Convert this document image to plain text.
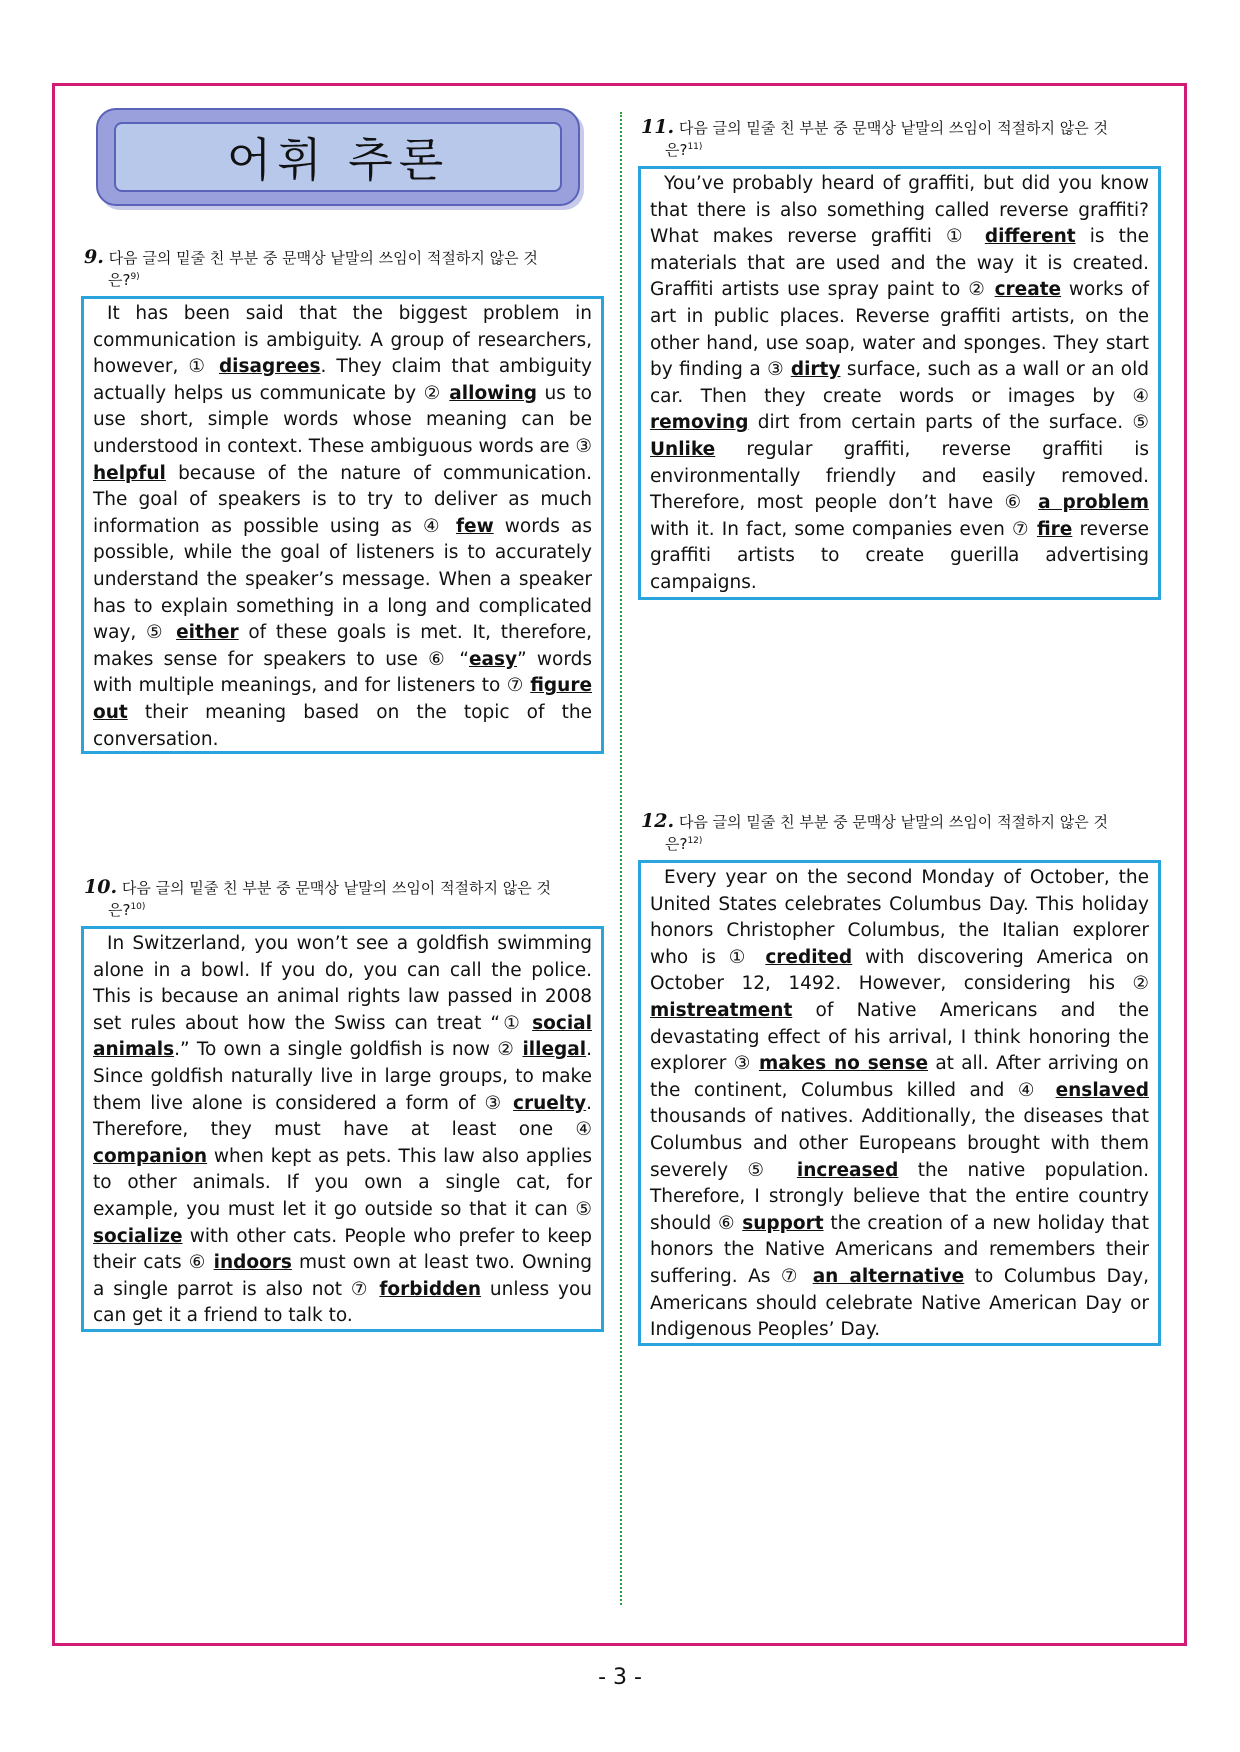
어휘 추론
9. 다음 글의 밑줄 친 부분 중 문맥상 낱말의 쓰임이 적절하지 않은 것
은?$^{9)}$

It has been said that the biggest problem in communication is ambiguity. A group of researchers, however, ① disagrees. They claim that ambiguity actually helps us communicate by ② allowing us to use short, simple words whose meaning can be understood in context. These ambiguous words are ③ helpful because of the nature of communication. The goal of speakers is to try to deliver as much information as possible using as ④ few words as possible, while the goal of listeners is to accurately understand the speaker’s message. When a speaker has to explain something in a long and complicated way, ⑤ either of these goals is met. It, therefore, makes sense for speakers to use ⑥ “easy” words with multiple meanings, and for listeners to ⑦ figure out their meaning based on the topic of the conversation.

10. 다음 글의 밑줄 친 부분 중 문맥상 낱말의 쓰임이 적절하지 않은 것
은?$^{10)}$

In Switzerland, you won’t see a goldfish swimming alone in a bowl. If you do, you can call the police. This is because an animal rights law passed in 2008 set rules about how the Swiss can treat “① social animals.” To own a single goldfish is now ② illegal. Since goldfish naturally live in large groups, to make them live alone is considered a form of ③ cruelty. Therefore, they must have at least one ④ companion when kept as pets. This law also applies to other animals. If you own a single cat, for example, you must let it go outside so that it can ⑤ socialize with other cats. People who prefer to keep their cats ⑥ indoors must own at least two. Owning a single parrot is also not ⑦ forbidden unless you can get it a friend to talk to.

11. 다음 글의 밑줄 친 부분 중 문맥상 낱말의 쓰임이 적절하지 않은 것
은?$^{11)}$

You’ve probably heard of graffiti, but did you know that there is also something called reverse graffiti? What makes reverse graffiti ① different is the materials that are used and the way it is created. Graffiti artists use spray paint to ② create works of art in public places. Reverse graffiti artists, on the other hand, use soap, water and sponges. They start by finding a ③ dirty surface, such as a wall or an old car. Then they create words or images by ④ removing dirt from certain parts of the surface. ⑤ Unlike regular graffiti, reverse graffiti is environmentally friendly and easily removed. Therefore, most people don’t have ⑥ a problem with it. In fact, some companies even ⑦ fire reverse graffiti artists to create guerilla advertising campaigns.

12. 다음 글의 밑줄 친 부분 중 문맥상 낱말의 쓰임이 적절하지 않은 것
은?$^{12)}$

Every year on the second Monday of October, the United States celebrates Columbus Day. This holiday honors Christopher Columbus, the Italian explorer who is ① credited with discovering America on October 12, 1492. However, considering his ② mistreatment of Native Americans and the devastating effect of his arrival, I think honoring the explorer ③ makes no sense at all. After arriving on the continent, Columbus killed and ④ enslaved thousands of natives. Additionally, the diseases that Columbus and other Europeans brought with them severely ⑤ increased the native population. Therefore, I strongly believe that the entire country should ⑥ support the creation of a new holiday that honors the Native Americans and remembers their suffering. As ⑦ an alternative to Columbus Day, Americans should celebrate Native American Day or Indigenous Peoples’ Day.

- 3 -
